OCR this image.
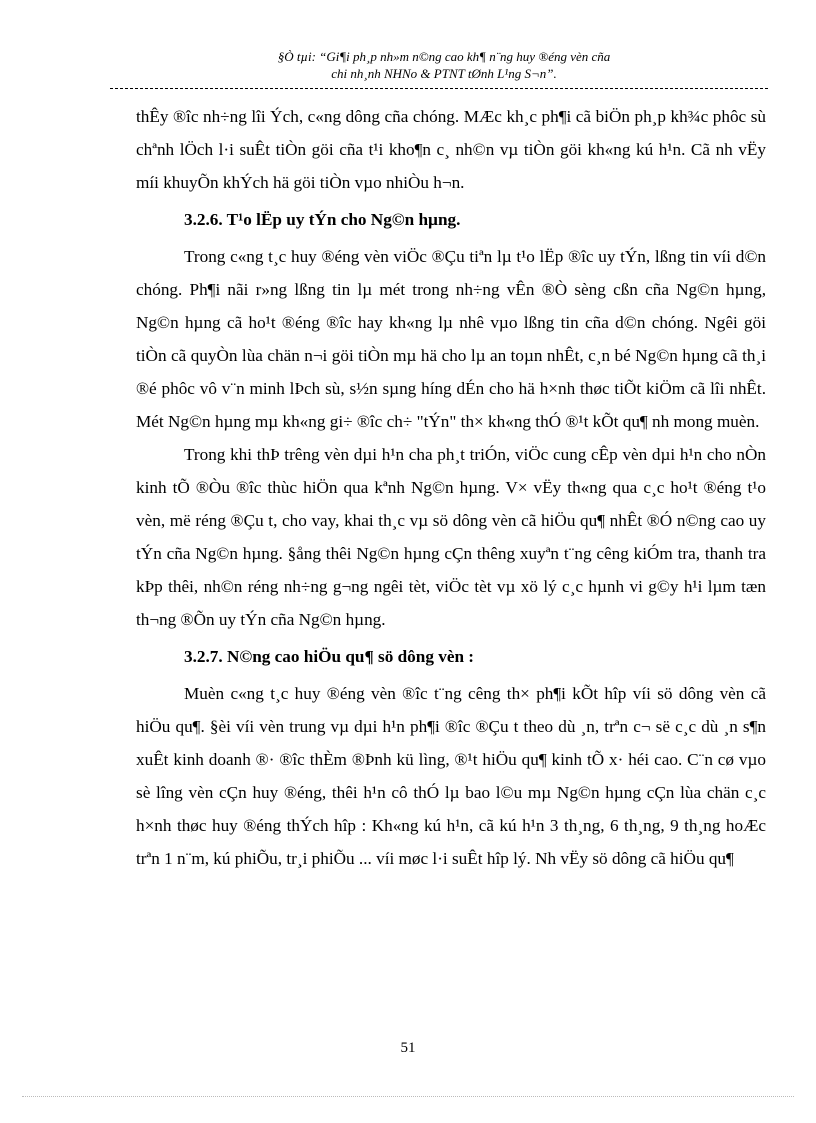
§Ò tµi: “Gi¶i ph¸p nh»m n©ng cao kh¶ n¨ng huy ®éng vèn cña
chi nh¸nh NHNo & PTNT tØnh L¹ng S¬n”.

thÊy ®îc nh÷ng lîi Ých, c«ng dông cña chóng. MÆc kh¸c ph¶i cã biÖn ph¸p kh¾c phôc sù chªnh lÖch l·i suÊt tiÒn göi cña t¹i kho¶n c¸ nh©n vµ tiÒn göi kh«ng kú h¹n. Cã nh vËy míi khuyÕn khÝch hä göi tiÒn vµo nhiÒu h¬n.

3.2.6. T¹o lËp uy tÝn cho Ng©n hµng.

Trong c«ng t¸c huy ®éng vèn viÖc ®Çu tiªn lµ t¹o lËp ®îc uy tÝn, lßng tin víi d©n chóng. Ph¶i nãi r»ng lßng tin lµ mét trong nh÷ng vÊn ®Ò sèng cßn cña Ng©n hµng, Ng©n hµng cã ho¹t ®éng ®îc hay kh«ng lµ nhê vµo lßng tin cña d©n chóng. Ngêi göi tiÒn cã quyÒn lùa chän n¬i göi tiÒn mµ hä cho lµ an toµn nhÊt, c¸n bé Ng©n hµng cã th¸i ®é phôc vô v¨n minh lÞch sù, s½n sµng híng dÉn cho hä h×nh thøc tiÕt kiÖm cã lîi nhÊt. Mét Ng©n hµng mµ kh«ng gi÷ ®îc ch÷ "tÝn" th× kh«ng thÓ ®¹t kÕt qu¶ nh mong muèn.

Trong khi thÞ trêng vèn dµi h¹n cha ph¸t triÓn, viÖc cung cÊp vèn dµi h¹n cho nÒn kinh tÕ ®Òu ®îc thùc hiÖn qua kªnh Ng©n hµng. V× vËy th«ng qua c¸c ho¹t ®éng t¹o vèn, më réng ®Çu t, cho vay, khai th¸c vµ sö dông vèn cã hiÖu qu¶ nhÊt ®Ó n©ng cao uy tÝn cña Ng©n hµng. §ång thêi Ng©n hµng cÇn thêng xuyªn t¨ng cêng kiÓm tra, thanh tra kÞp thêi, nh©n réng nh÷ng g¬ng ngêi tèt, viÖc tèt vµ xö lý c¸c hµnh vi g©y h¹i lµm tæn th¬ng ®Õn uy tÝn cña Ng©n hµng.

3.2.7. N©ng cao hiÖu qu¶ sö dông vèn :

Muèn c«ng t¸c huy ®éng vèn ®îc t¨ng cêng th× ph¶i kÕt hîp víi sö dông vèn cã hiÖu qu¶. §èi víi vèn trung vµ dµi h¹n ph¶i ®îc ®Çu t theo dù ¸n, trªn c¬ së c¸c dù ¸n s¶n xuÊt kinh doanh ®· ®îc thÈm ®Þnh kü lìng, ®¹t hiÖu qu¶ kinh tÕ x· héi cao. C¨n cø vµo sè lîng vèn cÇn huy ®éng, thêi h¹n cô thÓ lµ bao l©u mµ Ng©n hµng cÇn lùa chän c¸c h×nh thøc huy ®éng thÝch hîp : Kh«ng kú h¹n, cã kú h¹n 3 th¸ng, 6 th¸ng, 9 th¸ng hoÆc trªn 1 n¨m, kú phiÕu, tr¸i phiÕu ... víi møc l·i suÊt hîp lý. Nh vËy sö dông cã hiÖu qu¶

51
